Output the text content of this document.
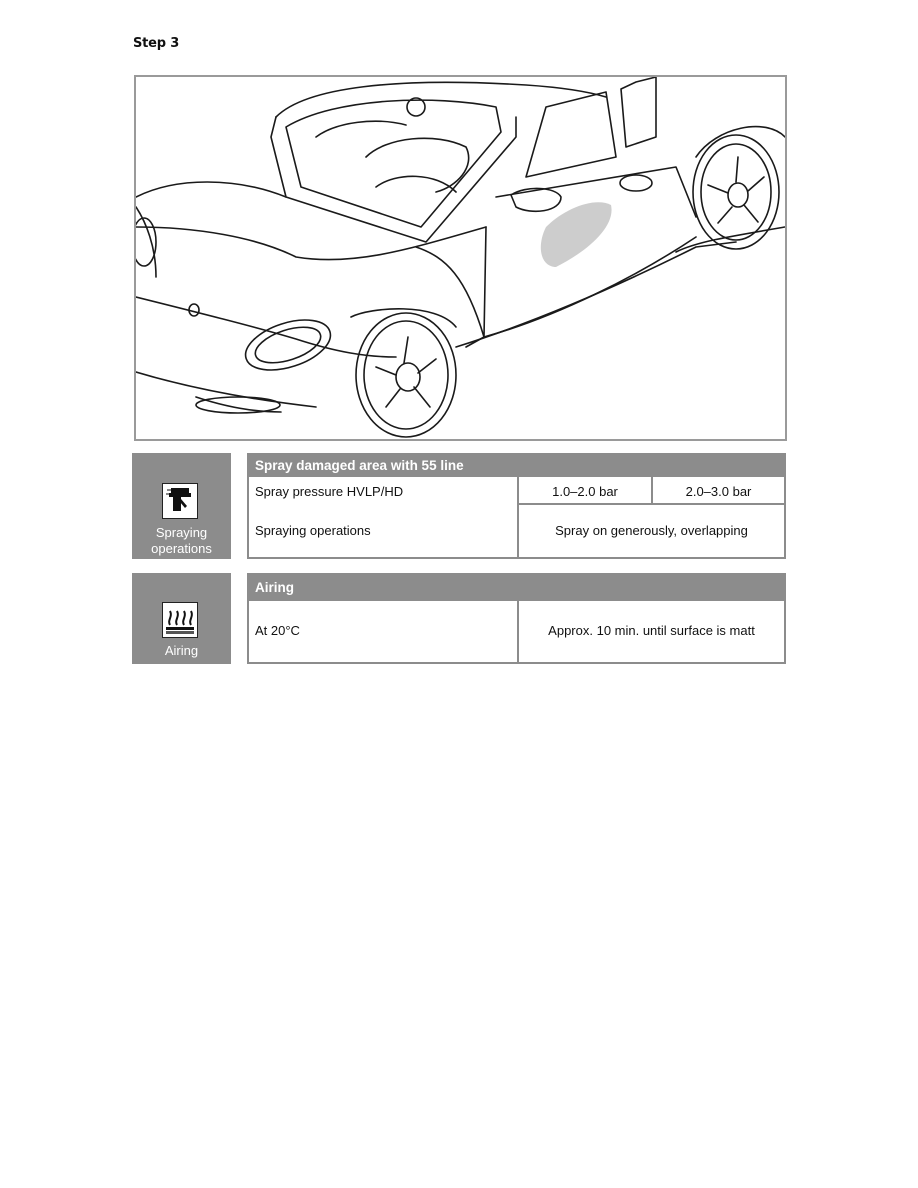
Step 3
Spraying
operations
Spray damaged area with 55 line
Spray pressure HVLP/HD	1.0–2.0 bar	2.0–3.0 bar
Spraying operations	Spray on generously, overlapping
Airing
Airing
At 20°C	Approx. 10 min. until surface is matt
